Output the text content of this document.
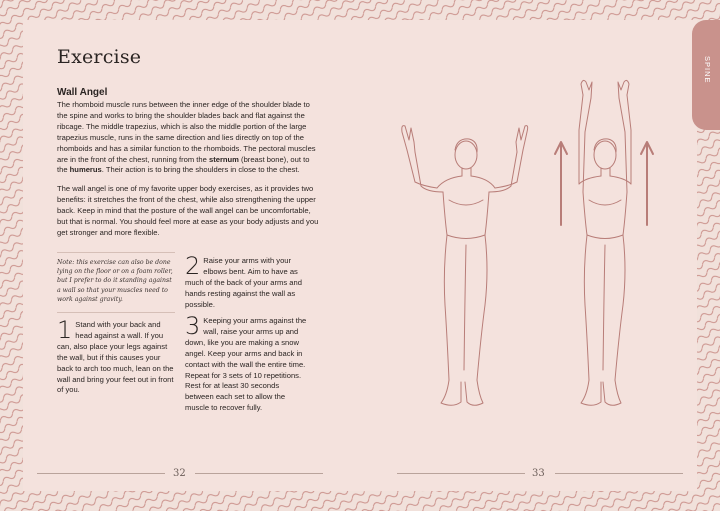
SPINE
Exercise
Wall Angel

The rhomboid muscle runs between the inner edge of the shoulder blade to the spine and works to bring the shoulder blades back and flat against the ribcage. The middle trapezius, which is also the middle portion of the large trapezius muscle, runs in the same direction and lies directly on top of the rhomboids and has a similar function to the rhomboids. The pectoral muscles are in the front of the chest, running from the sternum (breast bone), out to the humerus. Their action is to bring the shoulders in close to the chest.

The wall angel is one of my favorite upper body exercises, as it provides two benefits: it stretches the front of the chest, while also strengthening the upper back. Keep in mind that the posture of the wall angel can be uncomfortable, but that is normal. You should feel more at ease as your body adjusts and you get stronger and more flexible.

Note: this exercise can also be done lying on the floor or on a foam roller, but I prefer to do it standing against a wall so that your muscles need to work against gravity.
1 Stand with your back and head against a wall. If you can, also place your legs against the wall, but if this causes your back to arch too much, lean on the wall and bring your feet out in front of you.
2 Raise your arms with your elbows bent. Aim to have as much of the back of your arms and hands resting against the wall as possible.
3 Keeping your arms against the wall, raise your arms up and down, like you are making a snow angel. Keep your arms and back in contact with the wall the entire time. Repeat for 3 sets of 10 repetitions. Rest for at least 30 seconds between each set to allow the muscle to recover fully.
32	33
